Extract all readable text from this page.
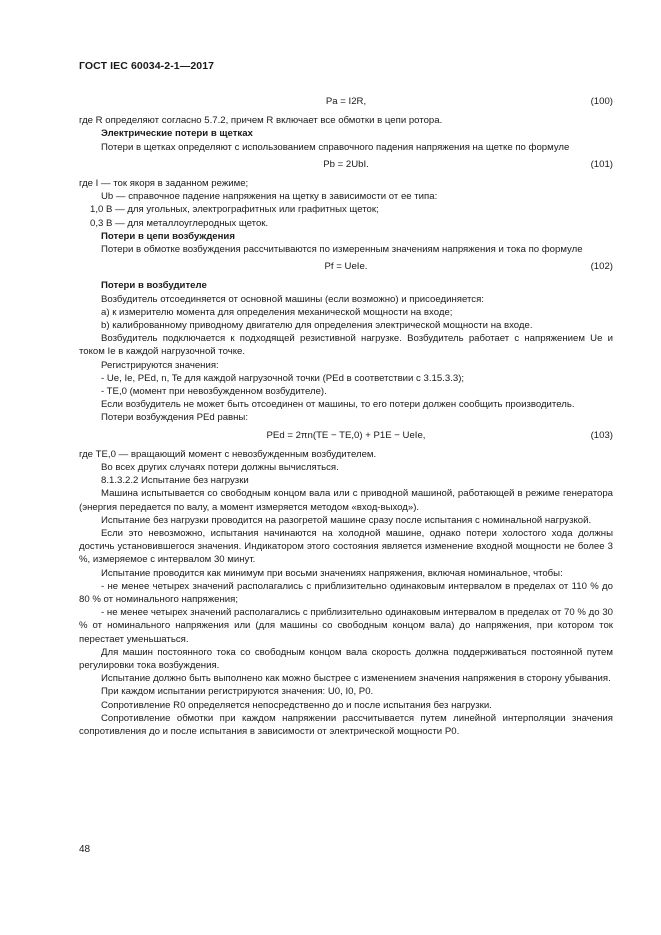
ГОСТ IEC 60034-2-1—2017
Pa = I2R,	(100)

где R определяют согласно 5.7.2, причем R включает все обмотки в цепи ротора.

Электрические потери в щетках

Потери в щетках определяют с использованием справочного падения напряжения на щетке по формуле

Pb = 2UbI.	(101)

где I — ток якоря в заданном режиме;

Ub — справочное падение напряжения на щетку в зависимости от ее типа:

1,0 В — для угольных, электрографитных или графитных щеток;

0,3 В — для металлоуглеродных щеток.

Потери в цепи возбуждения

Потери в обмотке возбуждения рассчитываются по измеренным значениям напряжения и тока по формуле

Pf = UeIe.	(102)

Потери в возбудителе

Возбудитель отсоединяется от основной машины (если возможно) и присоединяется:

а) к измерителю момента для определения механической мощности на входе;

b) калиброванному приводному двигателю для определения электрической мощности на входе.

Возбудитель подключается к подходящей резистивной нагрузке. Возбудитель работает с напряжением Ue и током Ie в каждой нагрузочной точке.

Регистрируются значения:

- Ue, Ie, PEd, n, Te для каждой нагрузочной точки (PEd в соответствии с 3.15.3.3);

- TE,0 (момент при невозбужденном возбудителе).

Если возбудитель не может быть отсоединен от машины, то его потери должен сообщить производитель.

Потери возбуждения PEd равны:

PEd = 2πn(TE − TE,0) + P1E − UeIe,	(103)

где TE,0 — вращающий момент с невозбужденным возбудителем.

Во всех других случаях потери должны вычисляться.

8.1.3.2.2 Испытание без нагрузки

Машина испытывается со свободным концом вала или с приводной машиной, работающей в режиме генератора (энергия передается по валу, а момент измеряется методом «вход-выход»).

Испытание без нагрузки проводится на разогретой машине сразу после испытания с номинальной нагрузкой.

Если это невозможно, испытания начинаются на холодной машине, однако потери холостого хода должны достичь установившегося значения. Индикатором этого состояния является изменение входной мощности не более 3 %, измеряемое с интервалом 30 минут.

Испытание проводится как минимум при восьми значениях напряжения, включая номинальное, чтобы:

- не менее четырех значений располагались с приблизительно одинаковым интервалом в пределах от 110 % до 80 % от номинального напряжения;

- не менее четырех значений располагались с приблизительно одинаковым интервалом в пределах от 70 % до 30 % от номинального напряжения или (для машины со свободным концом вала) до напряжения, при котором ток перестает уменьшаться.

Для машин постоянного тока со свободным концом вала скорость должна поддерживаться постоянной путем регулировки тока возбуждения.

Испытание должно быть выполнено как можно быстрее с изменением значения напряжения в сторону убывания.

При каждом испытании регистрируются значения: U0, I0, P0.

Сопротивление R0 определяется непосредственно до и после испытания без нагрузки.

Сопротивление обмотки при каждом напряжении рассчитывается путем линейной интерполяции значения сопротивления до и после испытания в зависимости от электрической мощности P0.

48
